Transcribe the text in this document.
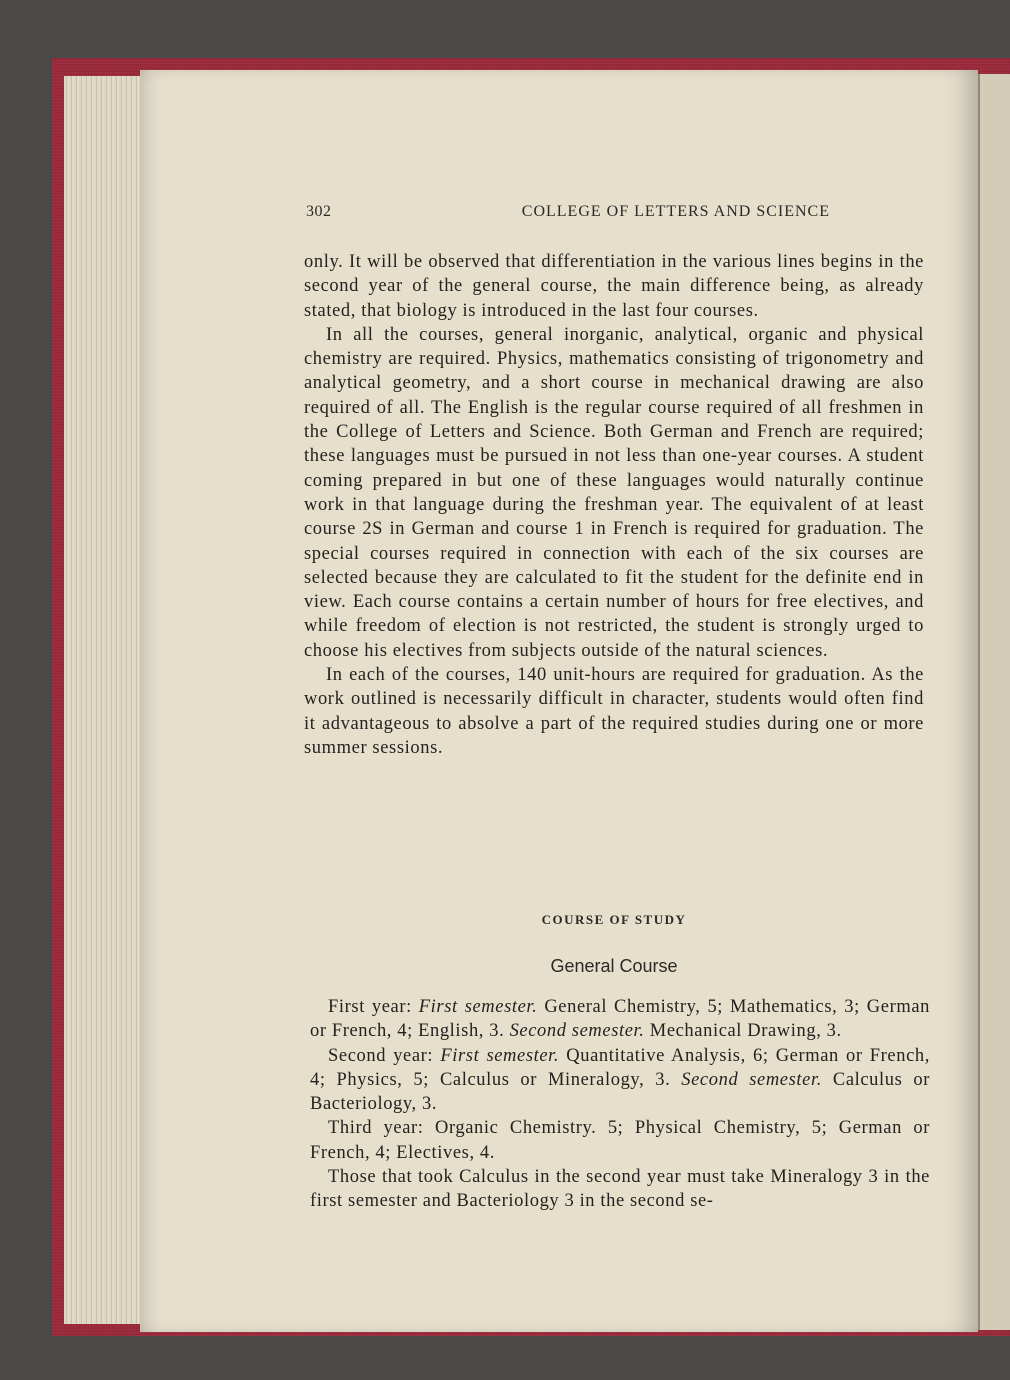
302	COLLEGE OF LETTERS AND SCIENCE

only. It will be observed that differentiation in the various lines begins in the second year of the general course, the main difference being, as already stated, that biology is introduced in the last four courses.

In all the courses, general inorganic, analytical, organic and physical chemistry are required. Physics, mathematics consisting of trigonometry and analytical geometry, and a short course in mechanical drawing are also required of all. The English is the regular course required of all freshmen in the College of Letters and Science. Both German and French are required; these languages must be pursued in not less than one-year courses. A student coming prepared in but one of these languages would naturally continue work in that language during the freshman year. The equivalent of at least course 2S in German and course 1 in French is required for graduation. The special courses required in connection with each of the six courses are selected because they are calculated to fit the student for the definite end in view. Each course contains a certain number of hours for free electives, and while freedom of election is not restricted, the student is strongly urged to choose his electives from subjects outside of the natural sciences.

In each of the courses, 140 unit-hours are required for graduation. As the work outlined is necessarily difficult in character, students would often find it advantageous to absolve a part of the required studies during one or more summer sessions.

COURSE OF STUDY
General Course

First year: First semester. General Chemistry, 5; Mathematics, 3; German or French, 4; English, 3. Second semester. Mechanical Drawing, 3.

Second year: First semester. Quantitative Analysis, 6; German or French, 4; Physics, 5; Calculus or Mineralogy, 3. Second semester. Calculus or Bacteriology, 3.

Third year: Organic Chemistry. 5; Physical Chemistry, 5; German or French, 4; Electives, 4.

Those that took Calculus in the second year must take Mineralogy 3 in the first semester and Bacteriology 3 in the second se-
